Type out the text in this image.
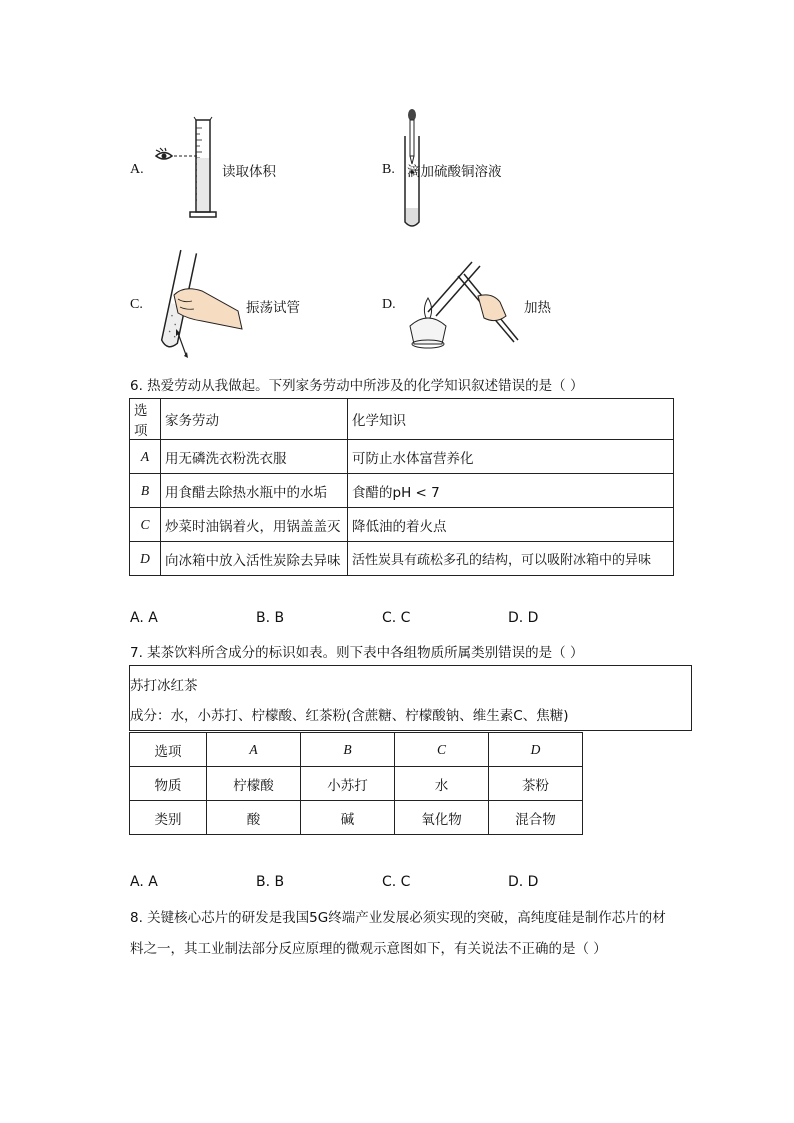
A.	读取体积	B. 滴加硫酸铜溶液
C.	振荡试管	D.	加热
6. 热爱劳动从我做起。下列家务劳动中所涉及的化学知识叙述错误的是（ ）
选项	家务劳动	化学知识
A	用无磷洗衣粉洗衣服	可防止水体富营养化
B	用食醋去除热水瓶中的水垢	食醋的pH < 7
C	炒菜时油锅着火，用锅盖盖灭	降低油的着火点
D	向冰箱中放入活性炭除去异味	活性炭具有疏松多孔的结构，可以吸附冰箱中的异味
A. A	B. B	C. C	D. D
7. 某茶饮料所含成分的标识如表。则下表中各组物质所属类别错误的是（ ）
苏打冰红茶
成分：水，小苏打、柠檬酸、红茶粉(含蔗糖、柠檬酸钠、维生素C、焦糖)
选项	A	B	C	D
物质	柠檬酸	小苏打	水	茶粉
类别	酸	碱	氧化物	混合物
A. A	B. B	C. C	D. D
8. 关键核心芯片的研发是我国5G终端产业发展必须实现的突破，高纯度硅是制作芯片的材
料之一，其工业制法部分反应原理的微观示意图如下，有关说法不正确的是（ ）
